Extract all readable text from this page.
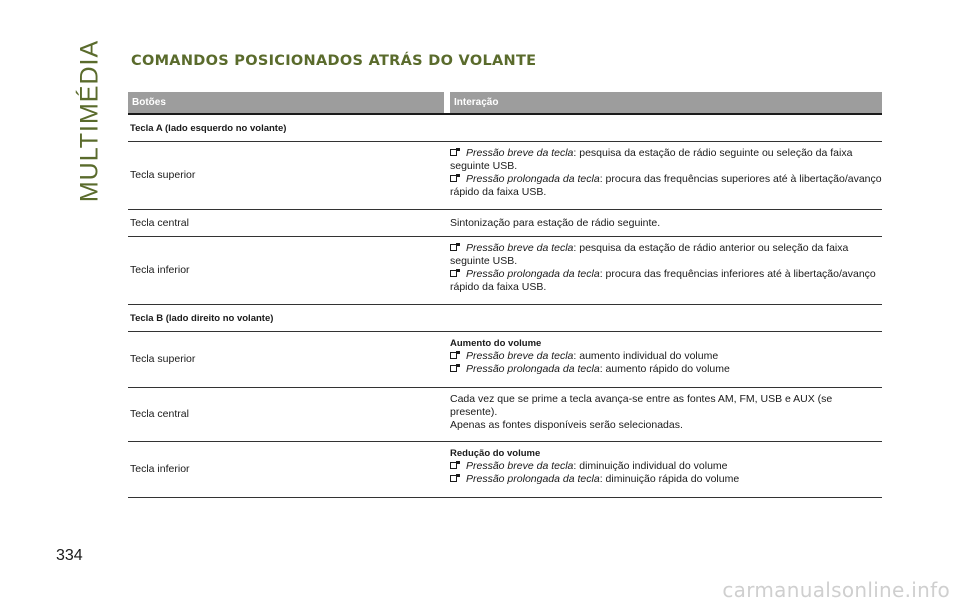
MULTIMÉDIA COMANDOS POSICIONADOS ATRÁS DO VOLANTE
Botões	Interação
Tecla A (lado esquerdo no volante)
Tecla superior
Pressão breve da tecla: pesquisa da estação de rádio seguinte ou seleção da faixa seguinte USB.
Pressão prolongada da tecla: procura das frequências superiores até à libertação/avanço rápido da faixa USB.
Tecla central	Sintonização para estação de rádio seguinte.
Tecla inferior
Pressão breve da tecla: pesquisa da estação de rádio anterior ou seleção da faixa seguinte USB.
Pressão prolongada da tecla: procura das frequências inferiores até à libertação/avanço rápido da faixa USB.
Tecla B (lado direito no volante)
Tecla superior
Aumento do volume
Pressão breve da tecla: aumento individual do volume
Pressão prolongada da tecla: aumento rápido do volume
Tecla central
Cada vez que se prime a tecla avança-se entre as fontes AM, FM, USB e AUX (se presente).
Apenas as fontes disponíveis serão selecionadas.
Tecla inferior
Redução do volume
Pressão breve da tecla: diminuição individual do volume
Pressão prolongada da tecla: diminuição rápida do volume
334
carmanualsonline.info
